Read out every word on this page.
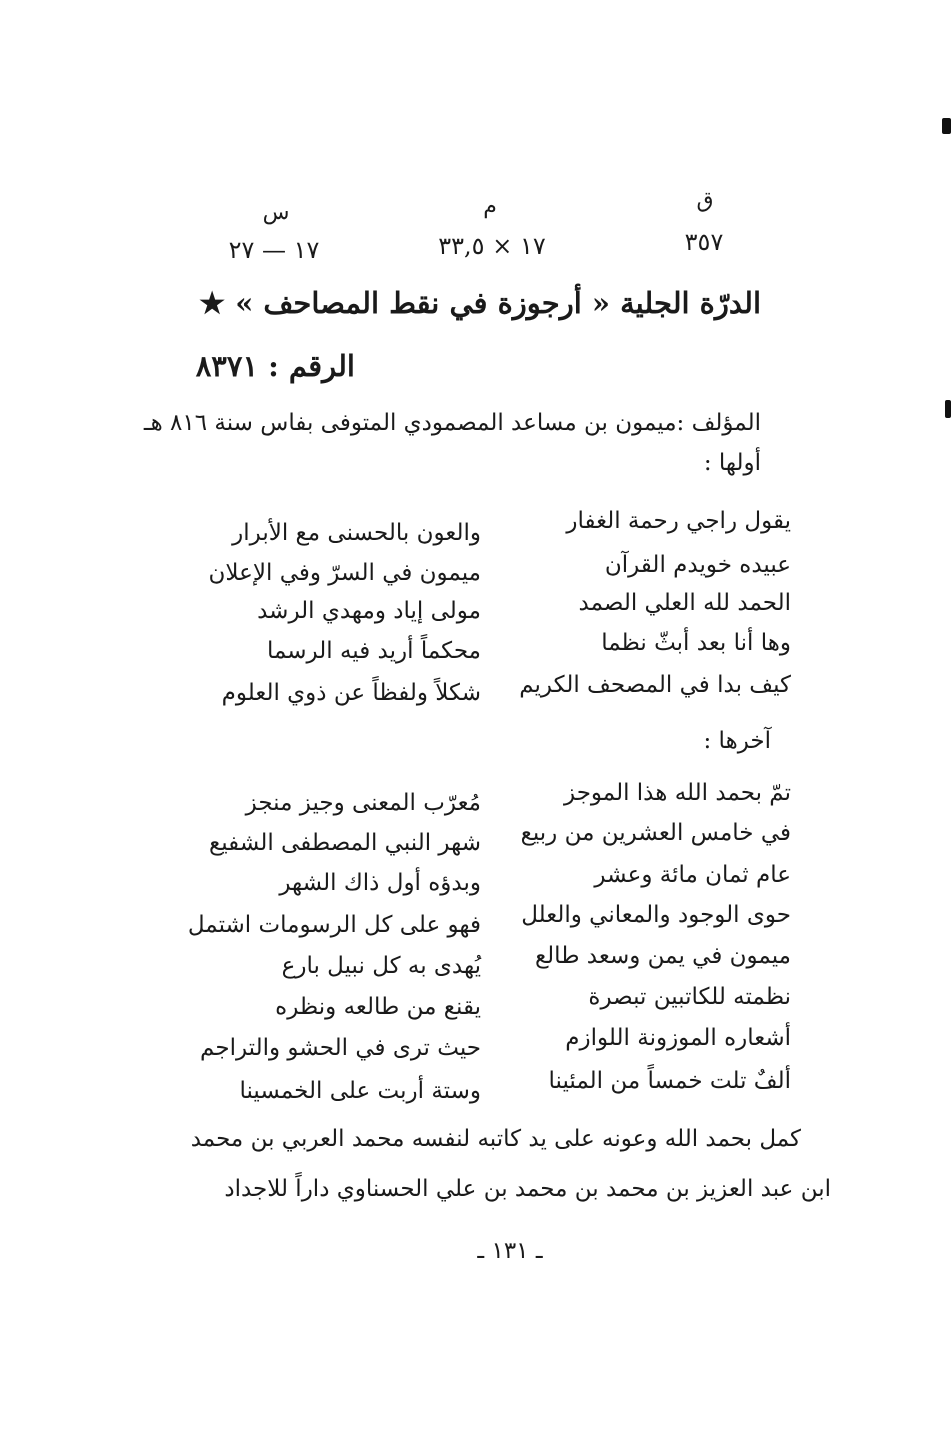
ق
م
س
٣٥٧
١٧ × ٣٣,٥
١٧ — ٢٧
الدرّة الجلية « أرجوزة في نقط المصاحف » ★
الرقم : ٨٣٧١
المؤلف :ميمون بن مساعد المصمودي المتوفى بفاس سنة ٨١٦ هـ
أولها :
يقول راجي رحمة الغفار
والعون بالحسنى مع الأبرار
عبيده خويدم القرآن
ميمون في السرّ وفي الإعلان
الحمد لله العلي الصمد
مولى إياد ومهدي الرشد
وها أنا بعد أبثّ نظما
محكماً أريد فيه الرسما
كيف بدا في المصحف الكريم
شكلاً ولفظاً عن ذوي العلوم
آخرها :
تمّ بحمد الله هذا الموجز
مُعرّب المعنى وجيز منجز
في خامس العشرين من ربيع
شهر النبي المصطفى الشفيع
عام ثمان مائة وعشر
وبدؤه أول ذاك الشهر
حوى الوجود والمعاني والعلل
فهو على كل الرسومات اشتمل
ميمون في يمن وسعد طالع
يُهدى به كل نبيل بارع
نظمته للكاتبين تبصرة
يقنع من طالعه ونظره
أشعاره الموزونة اللوازم
حيث ترى في الحشو والتراجم
ألفٌ تلت خمساً من المئينا
وستة أربت على الخمسينا
كمل بحمد الله وعونه على يد كاتبه لنفسه محمد العربي بن محمد
ابن عبد العزيز بن محمد بن محمد بن علي الحسناوي داراً للاجداد
ـ ١٣١ ـ
